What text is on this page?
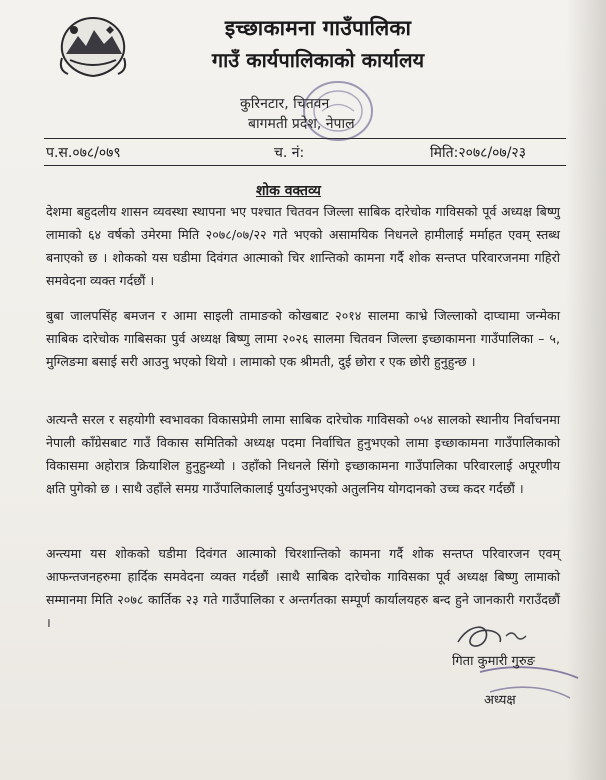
इच्छाकामना गाउँपालिका
गाउँ कार्यपालिकाको कार्यालय
कुरिनटार, चितवन
बागमती प्रदेश, नेपाल
प.स.०७८/०७९	च. नं:	मिति:२०७८/०७/२३
शोक वक्तव्य

देशमा बहुदलीय शासन व्यवस्था स्थापना भए पश्चात चितवन जिल्ला साबिक दारेचोक गाविसको पूर्व अध्यक्ष बिष्णु लामाको ६४ वर्षको उमेरमा मिति २०७८/०७/२२ गते भएको असामयिक निधनले हामीलाई मर्माहत एवम् स्तब्ध बनाएको छ । शोकको यस घडीमा दिवंगत आत्माको चिर शान्तिको कामना गर्दै शोक सन्तप्त परिवारजनमा गहिरो समवेदना व्यक्त गर्दछौं ।

बुबा जालपसिंह बमजन र आमा साइली तामाङको कोखबाट २०१४ सालमा काभ्रे जिल्लाको दाप्चामा जन्मेका साबिक दारेचोक गाबिसका पुर्व अध्यक्ष बिष्णु लामा २०२६ सालमा चितवन जिल्ला इच्छाकामना गाउँपालिका – ५, मुग्लिङमा बसाई सरी आउनु भएको थियो । लामाको एक श्रीमती, दुई छोरा र एक छोरी हुनुहुन्छ ।

अत्यन्तै सरल र सहयोगी स्वभावका विकासप्रेमी लामा साबिक दारेचोक गाविसको ०५४ सालको स्थानीय निर्वाचनमा नेपाली काँग्रेसबाट गाउँ विकास समितिको अध्यक्ष पदमा निर्वाचित हुनुभएको लामा इच्छाकामना गाउँपालिकाको विकासमा अहोरात्र क्रियाशिल हुनुहुन्थ्यो । उहाँको निधनले सिंगो इच्छाकामना गाउँपालिका परिवारलाई अपूरणीय क्षति पुगेको छ । साथै उहाँले समग्र गाउँपालिकालाई पुर्याउनुभएको अतुलनिय योगदानको उच्च कदर गर्दछौं ।

अन्त्यमा यस शोकको घडीमा दिवंगत आत्माको चिरशान्तिको कामना गर्दै शोक सन्तप्त परिवारजन एवम् आफन्तजनहरुमा हार्दिक समवेदना व्यक्त गर्दछौं ।साथै साबिक दारेचोक गाविसका पूर्व अध्यक्ष बिष्णु लामाको सम्मानमा मिति २०७८ कार्तिक २३ गते गाउँपालिका र अन्तर्गतका सम्पूर्ण कार्यालयहरु बन्द हुने जानकारी गराउँदछौं ।

गिता कुमारी गुरुङ
अध्यक्ष
